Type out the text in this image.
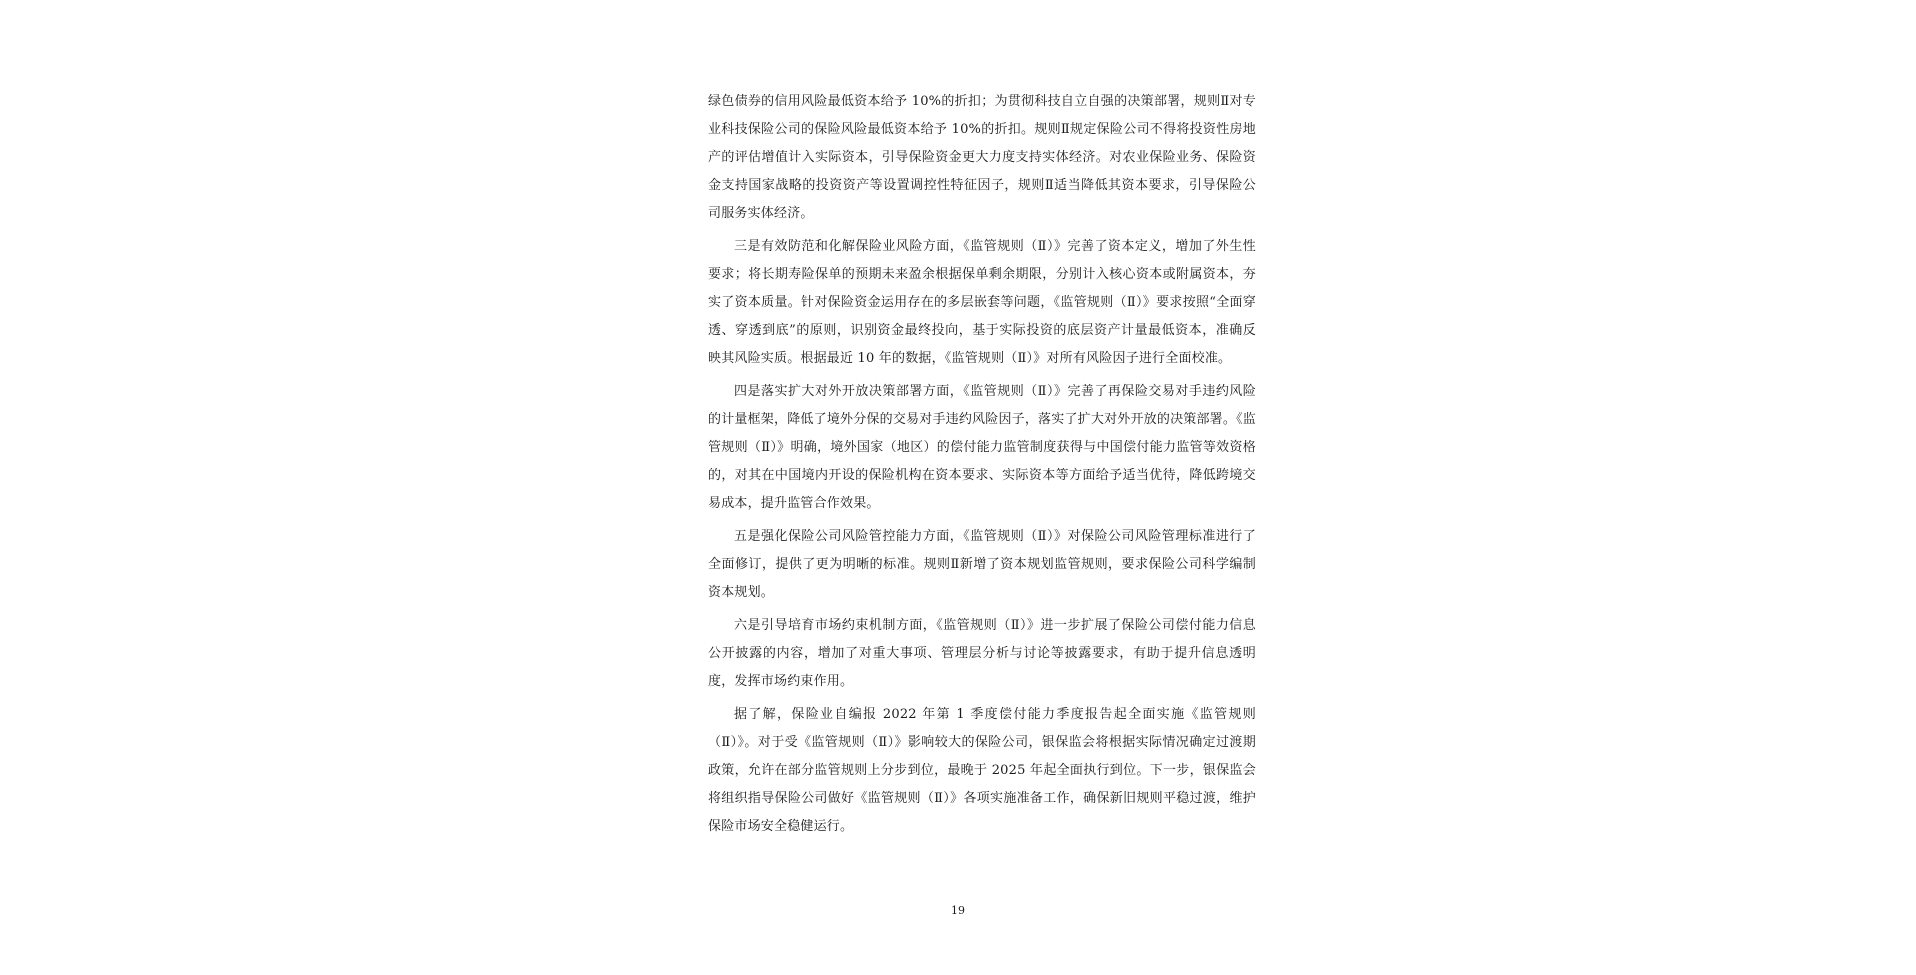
绿色债券的信用风险最低资本给予 10%的折扣；为贯彻科技自立自强的决策部署，规则Ⅱ对专业科技保险公司的保险风险最低资本给予 10%的折扣。规则Ⅱ规定保险公司不得将投资性房地产的评估增值计入实际资本，引导保险资金更大力度支持实体经济。对农业保险业务、保险资金支持国家战略的投资资产等设置调控性特征因子，规则Ⅱ适当降低其资本要求，引导保险公司服务实体经济。

三是有效防范和化解保险业风险方面，《监管规则（Ⅱ）》完善了资本定义，增加了外生性要求；将长期寿险保单的预期未来盈余根据保单剩余期限，分别计入核心资本或附属资本，夯实了资本质量。针对保险资金运用存在的多层嵌套等问题，《监管规则（Ⅱ）》要求按照“全面穿透、穿透到底”的原则，识别资金最终投向，基于实际投资的底层资产计量最低资本，准确反映其风险实质。根据最近 10 年的数据，《监管规则（Ⅱ）》对所有风险因子进行全面校准。

四是落实扩大对外开放决策部署方面，《监管规则（Ⅱ）》完善了再保险交易对手违约风险的计量框架，降低了境外分保的交易对手违约风险因子，落实了扩大对外开放的决策部署。《监管规则（Ⅱ）》明确，境外国家（地区）的偿付能力监管制度获得与中国偿付能力监管等效资格的，对其在中国境内开设的保险机构在资本要求、实际资本等方面给予适当优待，降低跨境交易成本，提升监管合作效果。

五是强化保险公司风险管控能力方面，《监管规则（Ⅱ）》对保险公司风险管理标准进行了全面修订，提供了更为明晰的标准。规则Ⅱ新增了资本规划监管规则，要求保险公司科学编制资本规划。

六是引导培育市场约束机制方面，《监管规则（Ⅱ）》进一步扩展了保险公司偿付能力信息公开披露的内容，增加了对重大事项、管理层分析与讨论等披露要求，有助于提升信息透明度，发挥市场约束作用。

据了解，保险业自编报 2022 年第 1 季度偿付能力季度报告起全面实施《监管规则（Ⅱ）》。对于受《监管规则（Ⅱ）》影响较大的保险公司，银保监会将根据实际情况确定过渡期政策，允许在部分监管规则上分步到位，最晚于 2025 年起全面执行到位。下一步，银保监会将组织指导保险公司做好《监管规则（Ⅱ）》各项实施准备工作，确保新旧规则平稳过渡，维护保险市场安全稳健运行。

19
